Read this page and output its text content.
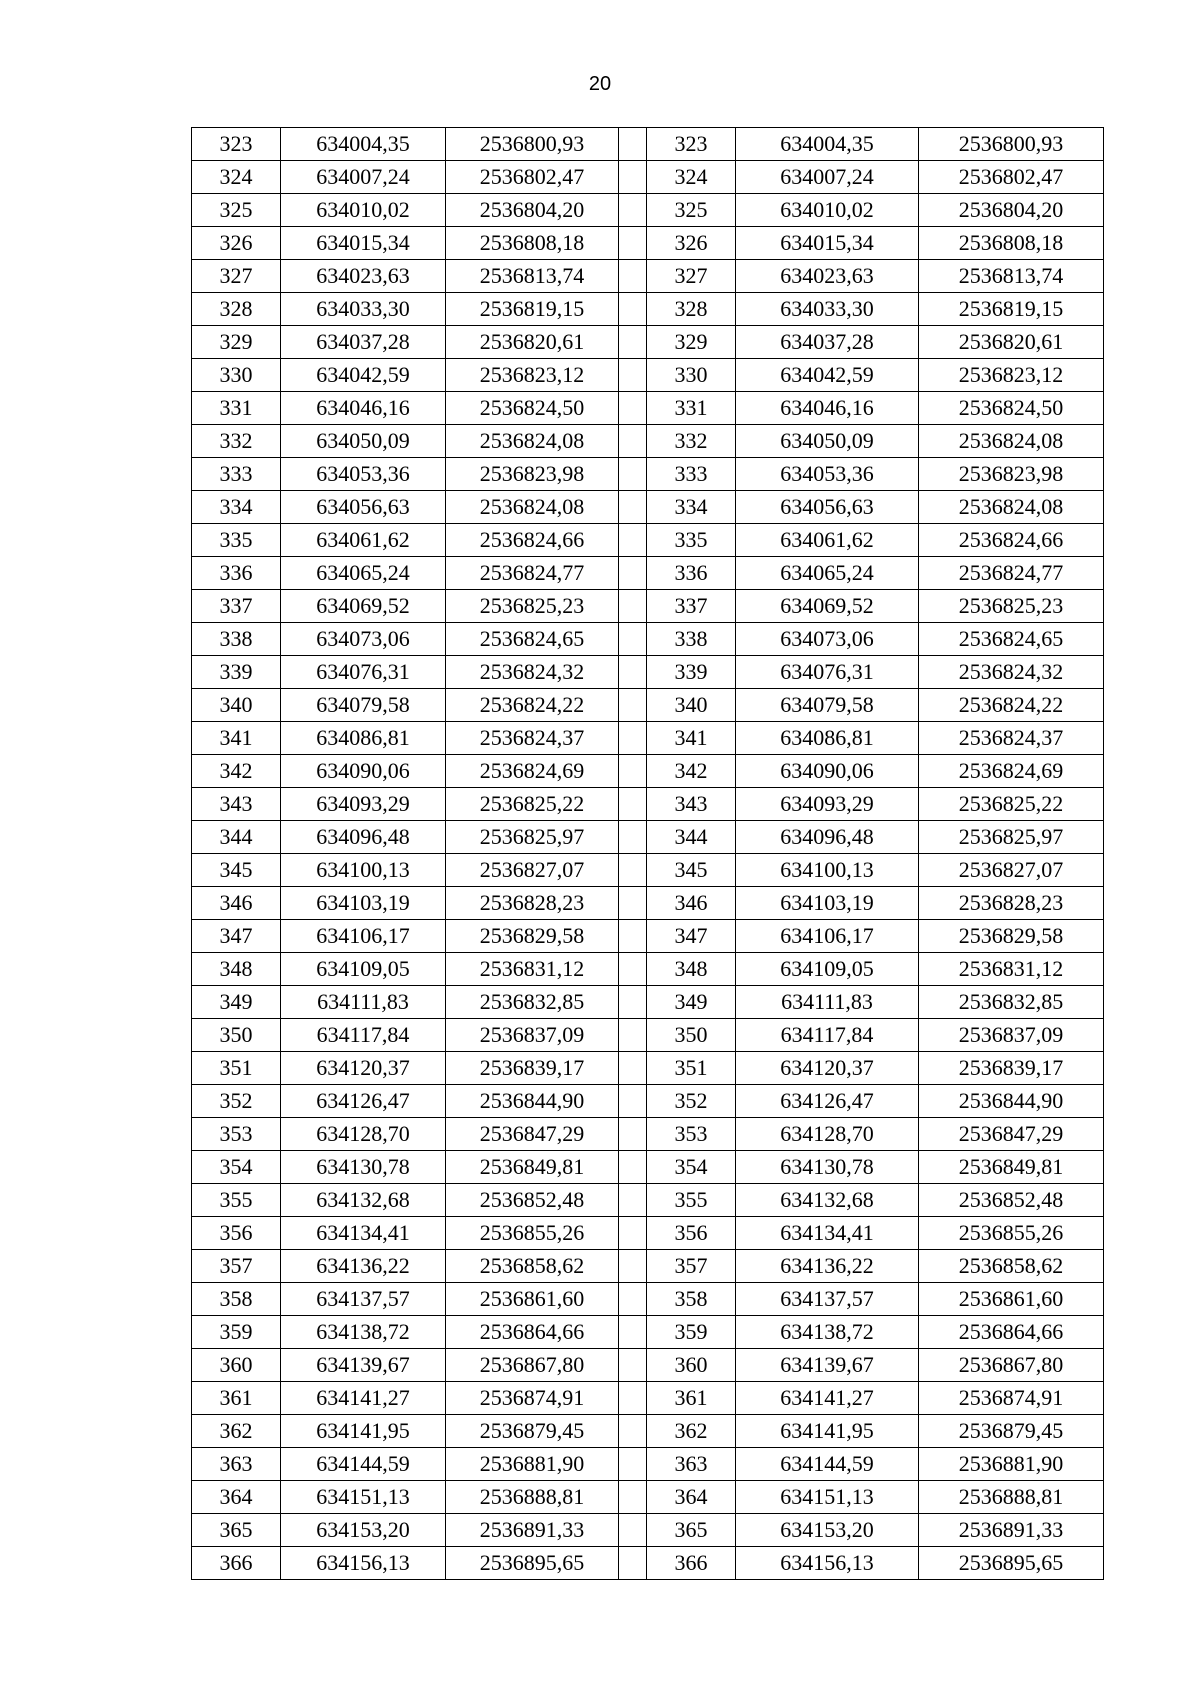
20
323	634004,35	2536800,93		323	634004,35	2536800,93
324	634007,24	2536802,47		324	634007,24	2536802,47
325	634010,02	2536804,20		325	634010,02	2536804,20
326	634015,34	2536808,18		326	634015,34	2536808,18
327	634023,63	2536813,74		327	634023,63	2536813,74
328	634033,30	2536819,15		328	634033,30	2536819,15
329	634037,28	2536820,61		329	634037,28	2536820,61
330	634042,59	2536823,12		330	634042,59	2536823,12
331	634046,16	2536824,50		331	634046,16	2536824,50
332	634050,09	2536824,08		332	634050,09	2536824,08
333	634053,36	2536823,98		333	634053,36	2536823,98
334	634056,63	2536824,08		334	634056,63	2536824,08
335	634061,62	2536824,66		335	634061,62	2536824,66
336	634065,24	2536824,77		336	634065,24	2536824,77
337	634069,52	2536825,23		337	634069,52	2536825,23
338	634073,06	2536824,65		338	634073,06	2536824,65
339	634076,31	2536824,32		339	634076,31	2536824,32
340	634079,58	2536824,22		340	634079,58	2536824,22
341	634086,81	2536824,37		341	634086,81	2536824,37
342	634090,06	2536824,69		342	634090,06	2536824,69
343	634093,29	2536825,22		343	634093,29	2536825,22
344	634096,48	2536825,97		344	634096,48	2536825,97
345	634100,13	2536827,07		345	634100,13	2536827,07
346	634103,19	2536828,23		346	634103,19	2536828,23
347	634106,17	2536829,58		347	634106,17	2536829,58
348	634109,05	2536831,12		348	634109,05	2536831,12
349	634111,83	2536832,85		349	634111,83	2536832,85
350	634117,84	2536837,09		350	634117,84	2536837,09
351	634120,37	2536839,17		351	634120,37	2536839,17
352	634126,47	2536844,90		352	634126,47	2536844,90
353	634128,70	2536847,29		353	634128,70	2536847,29
354	634130,78	2536849,81		354	634130,78	2536849,81
355	634132,68	2536852,48		355	634132,68	2536852,48
356	634134,41	2536855,26		356	634134,41	2536855,26
357	634136,22	2536858,62		357	634136,22	2536858,62
358	634137,57	2536861,60		358	634137,57	2536861,60
359	634138,72	2536864,66		359	634138,72	2536864,66
360	634139,67	2536867,80		360	634139,67	2536867,80
361	634141,27	2536874,91		361	634141,27	2536874,91
362	634141,95	2536879,45		362	634141,95	2536879,45
363	634144,59	2536881,90		363	634144,59	2536881,90
364	634151,13	2536888,81		364	634151,13	2536888,81
365	634153,20	2536891,33		365	634153,20	2536891,33
366	634156,13	2536895,65		366	634156,13	2536895,65
